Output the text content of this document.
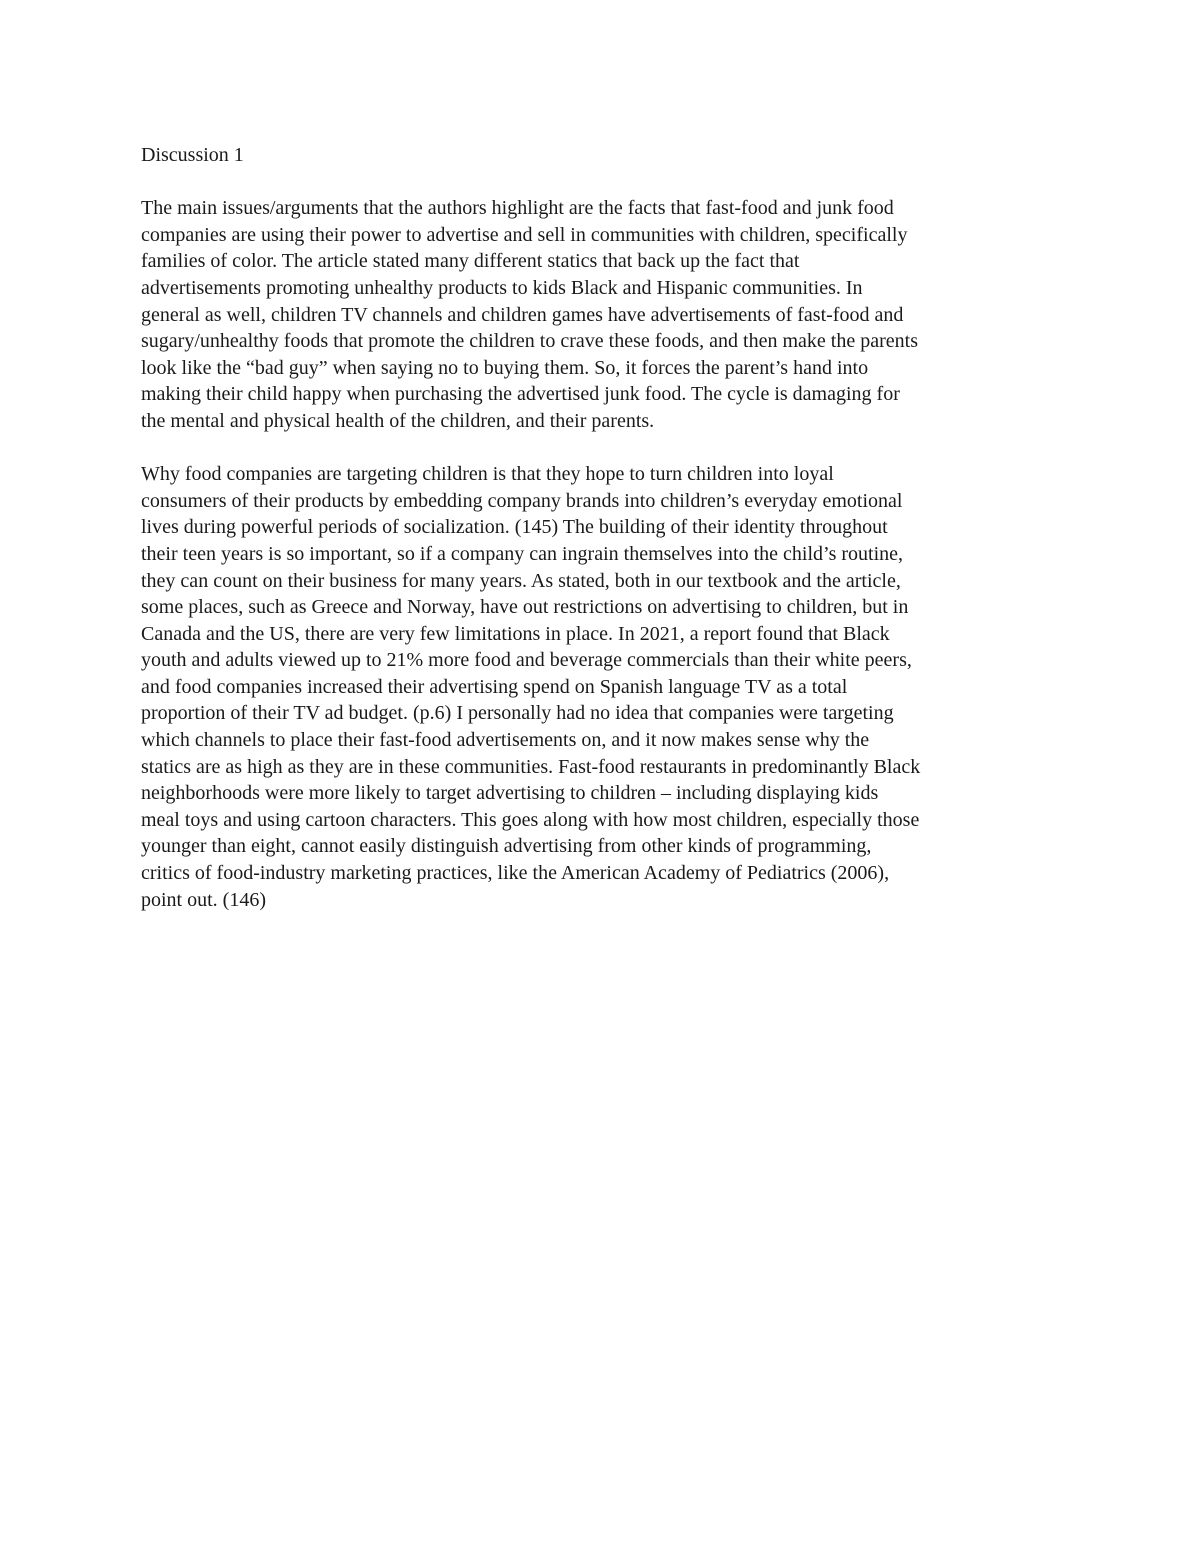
Discussion 1
The main issues/arguments that the authors highlight are the facts that fast-food and junk food
companies are using their power to advertise and sell in communities with children, specifically
families of color. The article stated many different statics that back up the fact that
advertisements promoting unhealthy products to kids Black and Hispanic communities. In
general as well, children TV channels and children games have advertisements of fast-food and
sugary/unhealthy foods that promote the children to crave these foods, and then make the parents
look like the “bad guy” when saying no to buying them. So, it forces the parent’s hand into
making their child happy when purchasing the advertised junk food. The cycle is damaging for
the mental and physical health of the children, and their parents.
Why food companies are targeting children is that they hope to turn children into loyal
consumers of their products by embedding company brands into children’s everyday emotional
lives during powerful periods of socialization. (145) The building of their identity throughout
their teen years is so important, so if a company can ingrain themselves into the child’s routine,
they can count on their business for many years. As stated, both in our textbook and the article,
some places, such as Greece and Norway, have out restrictions on advertising to children, but in
Canada and the US, there are very few limitations in place. In 2021, a report found that Black
youth and adults viewed up to 21% more food and beverage commercials than their white peers,
and food companies increased their advertising spend on Spanish language TV as a total
proportion of their TV ad budget. (p.6) I personally had no idea that companies were targeting
which channels to place their fast-food advertisements on, and it now makes sense why the
statics are as high as they are in these communities. Fast-food restaurants in predominantly Black
neighborhoods were more likely to target advertising to children – including displaying kids
meal toys and using cartoon characters. This goes along with how most children, especially those
younger than eight, cannot easily distinguish advertising from other kinds of programming,
critics of food-industry marketing practices, like the American Academy of Pediatrics (2006),
point out. (146)
